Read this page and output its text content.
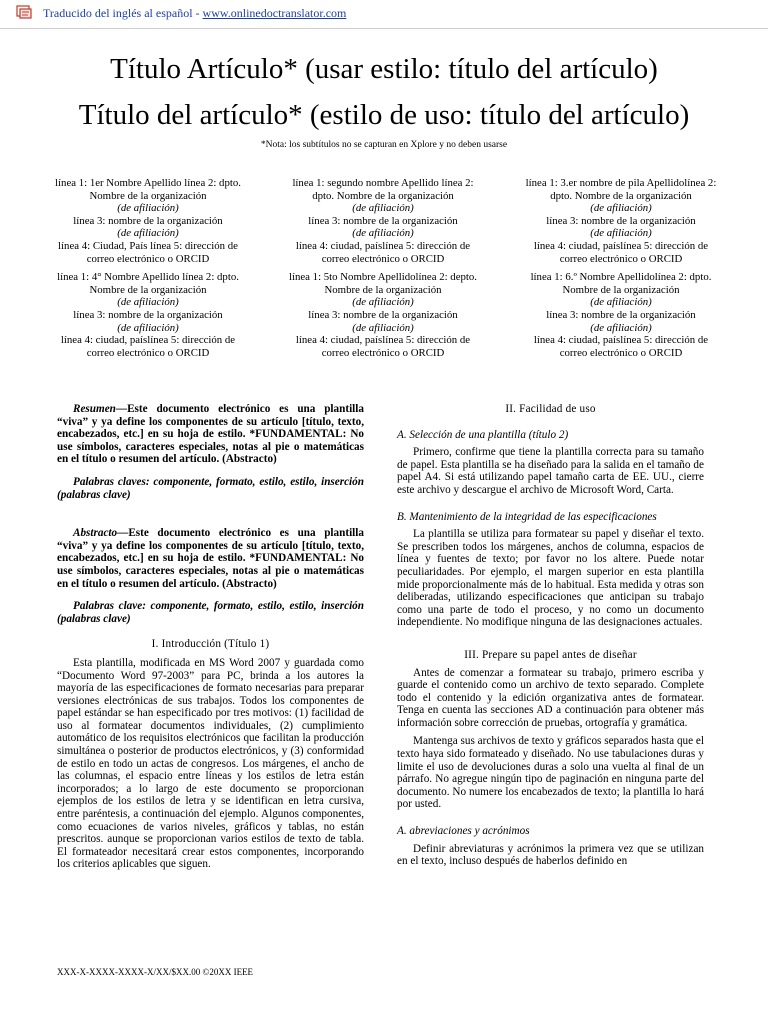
Traducido del inglés al español - www.onlinedoctranslator.com
Título Artículo* (usar estilo: título del artículo)
Título del artículo* (estilo de uso: título del artículo)
*Nota: los subtítulos no se capturan en Xplore y no deben usarse
línea 1: 1er Nombre Apellido línea 2: dpto. Nombre de la organización
(de afiliación)
línea 3: nombre de la organización
(de afiliación)
línea 4: Ciudad, País línea 5: dirección de correo electrónico o ORCID
línea 1: 4° Nombre Apellido línea 2: dpto. Nombre de la organización
(de afiliación)
línea 3: nombre de la organización
(de afiliación)
línea 4: ciudad, paíslínea 5: dirección de correo electrónico o ORCID
línea 1: segundo nombre Apellido línea 2: dpto. Nombre de la organización
(de afiliación)
línea 3: nombre de la organización
(de afiliación)
línea 4: ciudad, paíslínea 5: dirección de correo electrónico o ORCID
línea 1: 5to Nombre Apellidolínea 2: depto. Nombre de la organización
(de afiliación)
línea 3: nombre de la organización
(de afiliación)
línea 4: ciudad, paíslínea 5: dirección de correo electrónico o ORCID
línea 1: 3.er nombre de pila Apellidolínea 2: dpto. Nombre de la organización
(de afiliación)
línea 3: nombre de la organización
(de afiliación)
línea 4: ciudad, paíslínea 5: dirección de correo electrónico o ORCID
línea 1: 6.º Nombre Apellidolínea 2: dpto. Nombre de la organización
(de afiliación)
línea 3: nombre de la organización
(de afiliación)
línea 4: ciudad, paíslínea 5: dirección de correo electrónico o ORCID

Resumen—Este documento electrónico es una plantilla “viva” y ya define los componentes de su artículo [título, texto, encabezados, etc.] en su hoja de estilo. *FUNDAMENTAL: No use símbolos, caracteres especiales, notas al pie o matemáticas en el título o resumen del artículo. (Abstracto)

Palabras claves: componente, formato, estilo, estilo, inserción (palabras clave)

Abstracto—Este documento electrónico es una plantilla “viva” y ya define los componentes de su artículo [título, texto, encabezados, etc.] en su hoja de estilo. *FUNDAMENTAL: No use símbolos, caracteres especiales, notas al pie o matemáticas en el título o resumen del artículo. (Abstracto)

Palabras clave: componente, formato, estilo, estilo, inserción (palabras clave)

I. Introducción (Título 1)

Esta plantilla, modificada en MS Word 2007 y guardada como “Documento Word 97-2003” para PC, brinda a los autores la mayoría de las especificaciones de formato necesarias para preparar versiones electrónicas de sus trabajos. Todos los componentes de papel estándar se han especificado por tres motivos: (1) facilidad de uso al formatear documentos individuales, (2) cumplimiento automático de los requisitos electrónicos que facilitan la producción simultánea o posterior de productos electrónicos, y (3) conformidad de estilo en todo un actas de congresos. Los márgenes, el ancho de las columnas, el espacio entre líneas y los estilos de letra están incorporados; a lo largo de este documento se proporcionan ejemplos de los estilos de letra y se identifican en letra cursiva, entre paréntesis, a continuación del ejemplo. Algunos componentes, como ecuaciones de varios niveles, gráficos y tablas, no están prescritos. aunque se proporcionan varios estilos de texto de tabla. El formateador necesitará crear estos componentes, incorporando los criterios aplicables que siguen.

II. Facilidad de uso

A. Selección de una plantilla (título 2)

Primero, confirme que tiene la plantilla correcta para su tamaño de papel. Esta plantilla se ha diseñado para la salida en el tamaño de papel A4. Si está utilizando papel tamaño carta de EE. UU., cierre este archivo y descargue el archivo de Microsoft Word, Carta.

B. Mantenimiento de la integridad de las especificaciones

La plantilla se utiliza para formatear su papel y diseñar el texto. Se prescriben todos los márgenes, anchos de columna, espacios de línea y fuentes de texto; por favor no los altere. Puede notar peculiaridades. Por ejemplo, el margen superior en esta plantilla mide proporcionalmente más de lo habitual. Esta medida y otras son deliberadas, utilizando especificaciones que anticipan su trabajo como una parte de todo el proceso, y no como un documento independiente. No modifique ninguna de las designaciones actuales.

III. Prepare su papel antes de diseñar

Antes de comenzar a formatear su trabajo, primero escriba y guarde el contenido como un archivo de texto separado. Complete todo el contenido y la edición organizativa antes de formatear. Tenga en cuenta las secciones AD a continuación para obtener más información sobre corrección de pruebas, ortografía y gramática.

Mantenga sus archivos de texto y gráficos separados hasta que el texto haya sido formateado y diseñado. No use tabulaciones duras y limite el uso de devoluciones duras a solo una vuelta al final de un párrafo. No agregue ningún tipo de paginación en ninguna parte del documento. No numere los encabezados de texto; la plantilla lo hará por usted.

A. abreviaciones y acrónimos

Definir abreviaturas y acrónimos la primera vez que se utilizan en el texto, incluso después de haberlos definido en

XXX-X-XXXX-XXXX-X/XX/$XX.00 ©20XX IEEE
